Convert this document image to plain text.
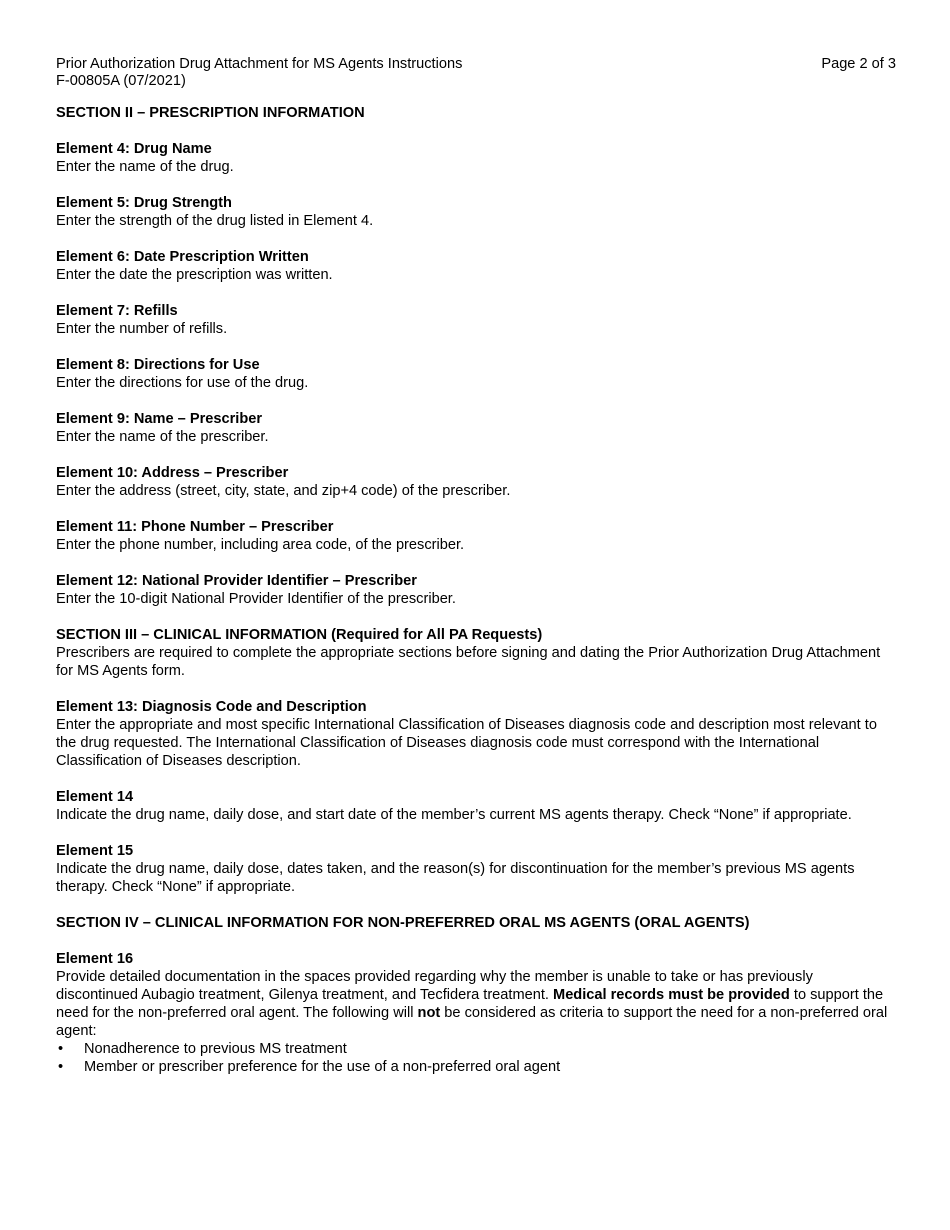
Prior Authorization Drug Attachment for MS Agents Instructions
F-00805A (07/2021)
Page 2 of 3
SECTION II – PRESCRIPTION INFORMATION
Element 4: Drug Name

Enter the name of the drug.

Element 5: Drug Strength

Enter the strength of the drug listed in Element 4.

Element 6: Date Prescription Written

Enter the date the prescription was written.

Element 7: Refills

Enter the number of refills.

Element 8: Directions for Use

Enter the directions for use of the drug.

Element 9: Name – Prescriber

Enter the name of the prescriber.

Element 10: Address – Prescriber

Enter the address (street, city, state, and zip+4 code) of the prescriber.

Element 11: Phone Number – Prescriber

Enter the phone number, including area code, of the prescriber.

Element 12: National Provider Identifier – Prescriber

Enter the 10-digit National Provider Identifier of the prescriber.

SECTION III – CLINICAL INFORMATION (Required for All PA Requests)

Prescribers are required to complete the appropriate sections before signing and dating the Prior Authorization Drug Attachment for MS Agents form.

Element 13: Diagnosis Code and Description

Enter the appropriate and most specific International Classification of Diseases diagnosis code and description most relevant to the drug requested. The International Classification of Diseases diagnosis code must correspond with the International Classification of Diseases description.

Element 14

Indicate the drug name, daily dose, and start date of the member’s current MS agents therapy. Check “None” if appropriate.

Element 15

Indicate the drug name, daily dose, dates taken, and the reason(s) for discontinuation for the member’s previous MS agents therapy. Check “None” if appropriate.

SECTION IV – CLINICAL INFORMATION FOR NON-PREFERRED ORAL MS AGENTS (ORAL AGENTS)
Element 16

Provide detailed documentation in the spaces provided regarding why the member is unable to take or has previously discontinued Aubagio treatment, Gilenya treatment, and Tecfidera treatment. Medical records must be provided to support the need for the non-preferred oral agent. The following will not be considered as criteria to support the need for a non-preferred oral agent:

• Nonadherence to previous MS treatment
• Member or prescriber preference for the use of a non-preferred oral agent
